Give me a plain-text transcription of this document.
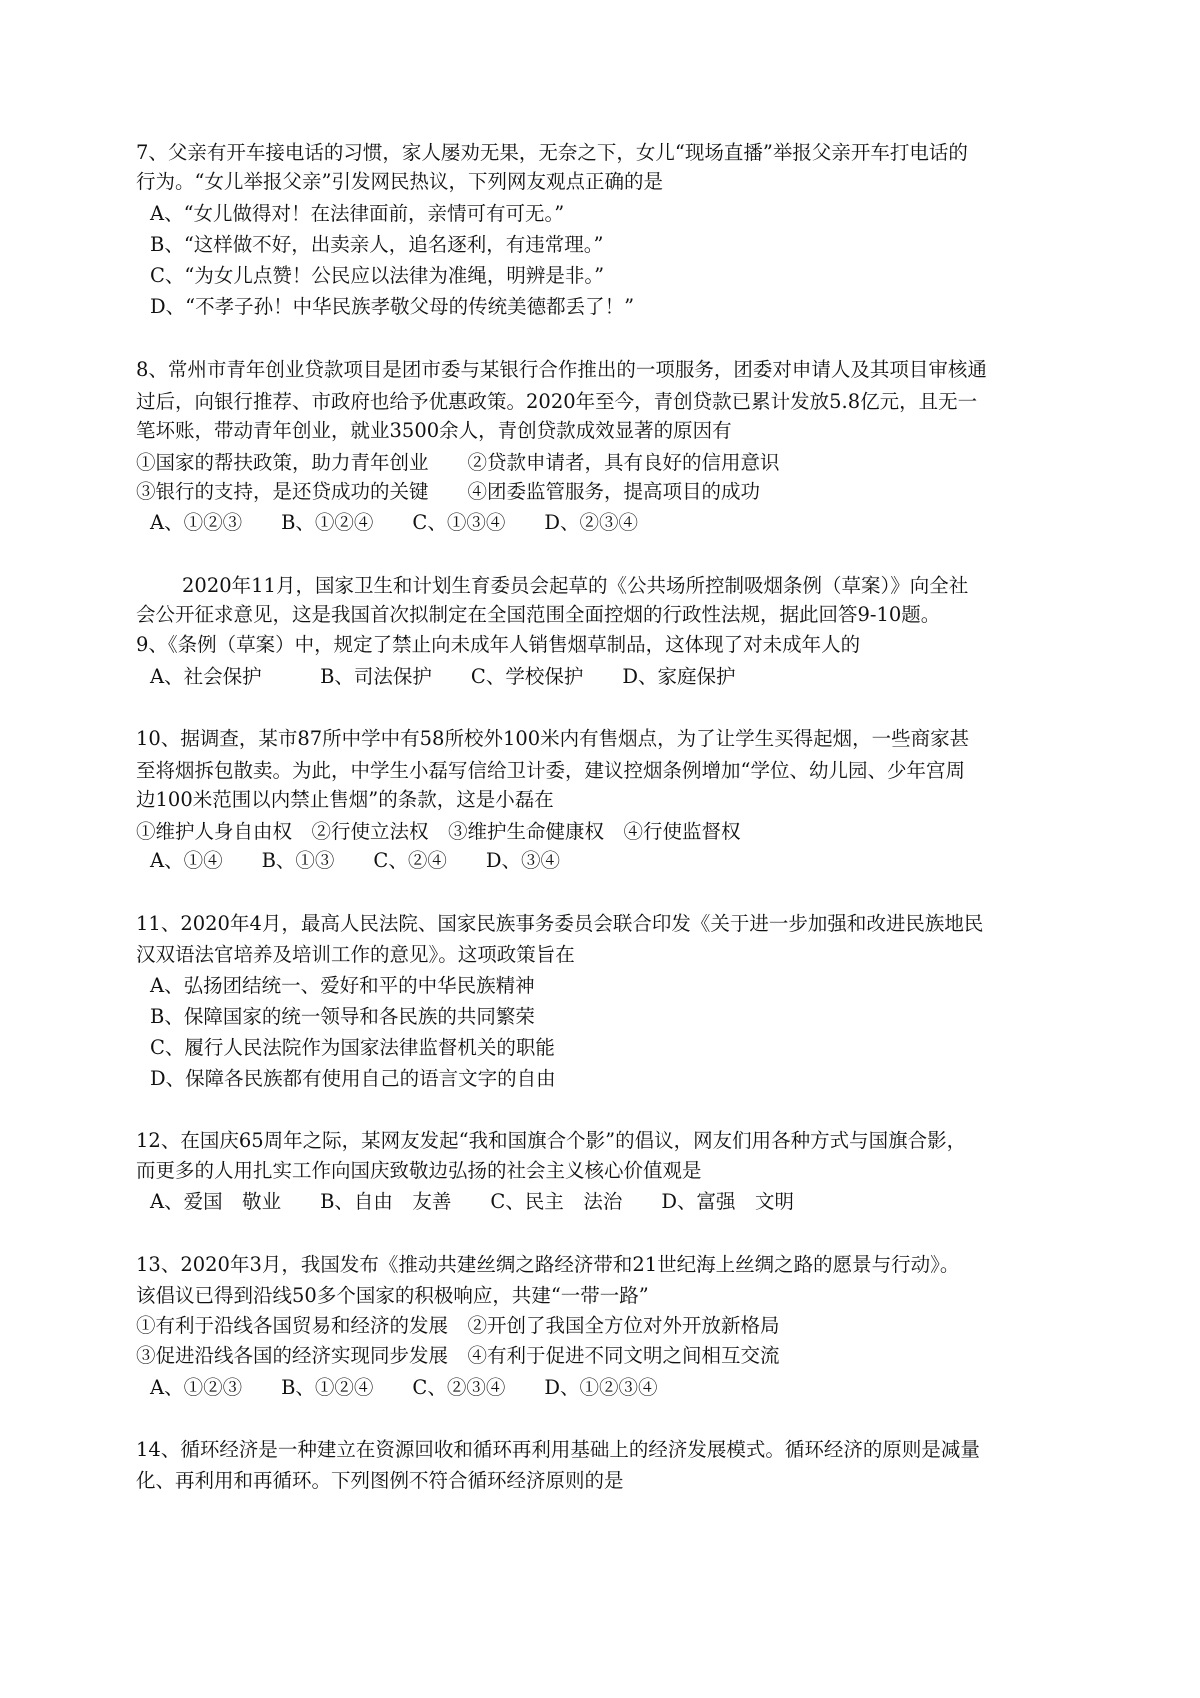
7、父亲有开车接电话的习惯，家人屡劝无果，无奈之下，女儿“现场直播”举报父亲开车打电话的

行为。“女儿举报父亲”引发网民热议，下列网友观点正确的是

A、“女儿做得对！在法律面前，亲情可有可无。”

B、“这样做不好，出卖亲人，追名逐利，有违常理。”

C、“为女儿点赞！公民应以法律为准绳，明辨是非。”

D、“不孝子孙！中华民族孝敬父母的传统美德都丢了！”

8、常州市青年创业贷款项目是团市委与某银行合作推出的一项服务，团委对申请人及其项目审核通

过后，向银行推荐、市政府也给予优惠政策。2020年至今，青创贷款已累计发放5.8亿元，且无一

笔坏账，带动青年创业，就业3500余人，青创贷款成效显著的原因有

①国家的帮扶政策，助力青年创业　　②贷款申请者，具有良好的信用意识

③银行的支持，是还贷成功的关键　　④团委监管服务，提高项目的成功

A、①②③　　B、①②④　　C、①③④　　D、②③④

2020年11月，国家卫生和计划生育委员会起草的《公共场所控制吸烟条例（草案）》向全社

会公开征求意见，这是我国首次拟制定在全国范围全面控烟的行政性法规，据此回答9-10题。

9、《条例（草案）中，规定了禁止向未成年人销售烟草制品，这体现了对未成年人的

A、社会保护　　　B、司法保护　　C、学校保护　　D、家庭保护

10、据调查，某市87所中学中有58所校外100米内有售烟点，为了让学生买得起烟，一些商家甚

至将烟拆包散卖。为此，中学生小磊写信给卫计委，建议控烟条例增加“学位、幼儿园、少年宫周

边100米范围以内禁止售烟”的条款，这是小磊在

①维护人身自由权　②行使立法权　③维护生命健康权　④行使监督权

A、①④　　B、①③　　C、②④　　D、③④

11、2020年4月，最高人民法院、国家民族事务委员会联合印发《关于进一步加强和改进民族地民

汉双语法官培养及培训工作的意见》。这项政策旨在

A、弘扬团结统一、爱好和平的中华民族精神

B、保障国家的统一领导和各民族的共同繁荣

C、履行人民法院作为国家法律监督机关的职能

D、保障各民族都有使用自己的语言文字的自由

12、在国庆65周年之际，某网友发起“我和国旗合个影”的倡议，网友们用各种方式与国旗合影，

而更多的人用扎实工作向国庆致敬边弘扬的社会主义核心价值观是

A、爱国　敬业　　B、自由　友善　　C、民主　法治　　D、富强　文明

13、2020年3月，我国发布《推动共建丝绸之路经济带和21世纪海上丝绸之路的愿景与行动》。

该倡议已得到沿线50多个国家的积极响应，共建“一带一路”

①有利于沿线各国贸易和经济的发展　②开创了我国全方位对外开放新格局

③促进沿线各国的经济实现同步发展　④有利于促进不同文明之间相互交流

A、①②③　　B、①②④　　C、②③④　　D、①②③④

14、循环经济是一种建立在资源回收和循环再利用基础上的经济发展模式。循环经济的原则是减量

化、再利用和再循环。下列图例不符合循环经济原则的是
